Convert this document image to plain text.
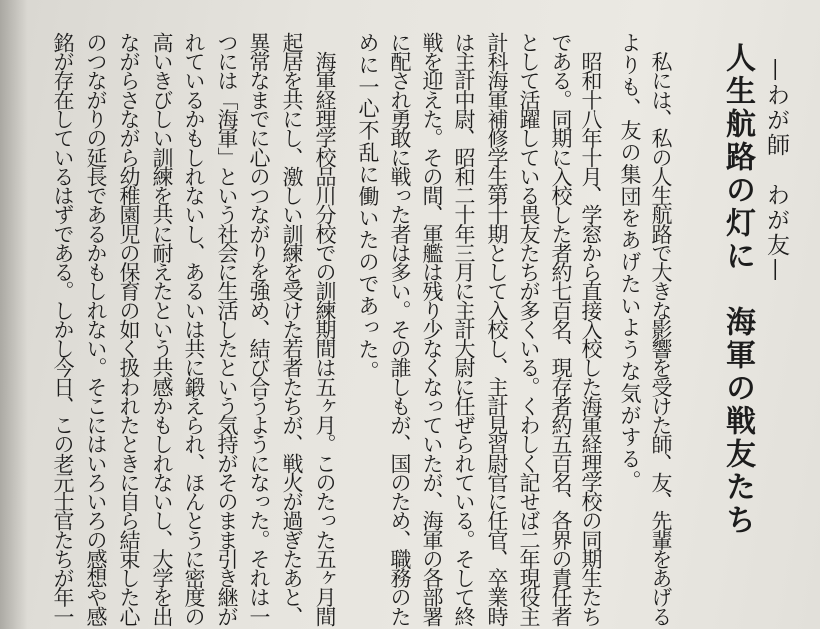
—わが師　わが友—
人生航路の灯に　海軍の戦友たち
　私には、私の人生航路で大きな影響を受けた師、友、先輩をあげる
よりも、友の集団をあげたいような気がする。
　昭和十八年十月、学窓から直接入校した海軍経理学校の同期生たち
である。同期に入校した者約七百名、現存者約五百名、各界の責任者
として活躍している畏友たちが多くいる。くわしく記せば二年現役主
計科海軍補修学生第十期として入校し、主計見習尉官に任官、卒業時
は主計中尉、昭和二十年三月に主計大尉に任ぜられている。そして終
戦を迎えた。その間、軍艦は残り少なくなっていたが、海軍の各部署
に配され勇敢に戦った者は多い。その誰しもが、国のため、職務のた
めに一心不乱に働いたのであった。
　海軍経理学校品川分校での訓練期間は五ヶ月。このたった五ヶ月間
起居を共にし、激しい訓練を受けた若者たちが、戦火が過ぎたあと、
異常なまでに心のつながりを強め、結び合うようになった。それは一
つには「海軍」という社会に生活したという気持がそのまま引き継が
れているかもしれないし、あるいは共に鍛えられ、ほんとうに密度の
高いきびしい訓練を共に耐えたという共感かもしれないし、大学を出
ながらさながら幼稚園児の保育の如く扱われたときに自ら結束した心
のつながりの延長であるかもしれない。そこにはいろいろの感想や感
銘が存在しているはずである。しかし今日、この老元士官たちが年一
